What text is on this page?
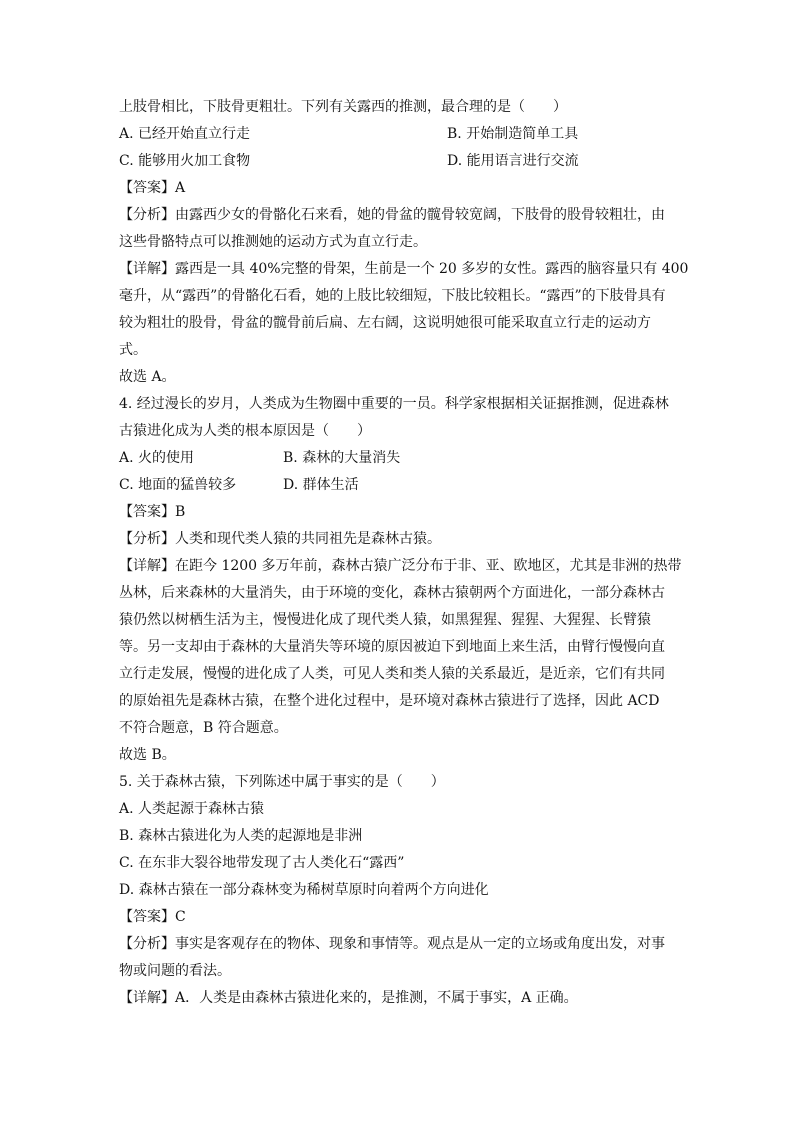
上肢骨相比，下肢骨更粗壮。下列有关露西的推测，最合理的是（　　）
A. 已经开始直立行走	B. 开始制造简单工具
C. 能够用火加工食物	D. 能用语言进行交流
【答案】A
【分析】由露西少女的骨骼化石来看，她的骨盆的髋骨较宽阔，下肢骨的股骨较粗壮，由
这些骨骼特点可以推测她的运动方式为直立行走。
【详解】露西是一具 40%完整的骨架，生前是一个 20 多岁的女性。露西的脑容量只有 400
毫升，从“露西”的骨骼化石看，她的上肢比较细短，下肢比较粗长。“露西”的下肢骨具有
较为粗壮的股骨，骨盆的髋骨前后扁、左右阔，这说明她很可能采取直立行走的运动方
式。
故选 A。
4. 经过漫长的岁月，人类成为生物圈中重要的一员。科学家根据相关证据推测，促进森林
古猿进化成为人类的根本原因是（　　）
A. 火的使用	B. 森林的大量消失
C. 地面的猛兽较多	D. 群体生活
【答案】B
【分析】人类和现代类人猿的共同祖先是森林古猿。
【详解】在距今 1200 多万年前，森林古猿广泛分布于非、亚、欧地区，尤其是非洲的热带
丛林，后来森林的大量消失，由于环境的变化，森林古猿朝两个方面进化，一部分森林古
猿仍然以树栖生活为主，慢慢进化成了现代类人猿，如黑猩猩、猩猩、大猩猩、长臂猿
等。另一支却由于森林的大量消失等环境的原因被迫下到地面上来生活，由臂行慢慢向直
立行走发展，慢慢的进化成了人类，可见人类和类人猿的关系最近，是近亲，它们有共同
的原始祖先是森林古猿，在整个进化过程中，是环境对森林古猿进行了选择，因此 ACD
不符合题意，B 符合题意。
故选 B。
5. 关于森林古猿，下列陈述中属于事实的是（　　）
A. 人类起源于森林古猿
B. 森林古猿进化为人类的起源地是非洲
C. 在东非大裂谷地带发现了古人类化石“露西”
D. 森林古猿在一部分森林变为稀树草原时向着两个方向进化
【答案】C
【分析】事实是客观存在的物体、现象和事情等。观点是从一定的立场或角度出发，对事
物或问题的看法。
【详解】A．人类是由森林古猿进化来的，是推测，不属于事实，A 正确。
